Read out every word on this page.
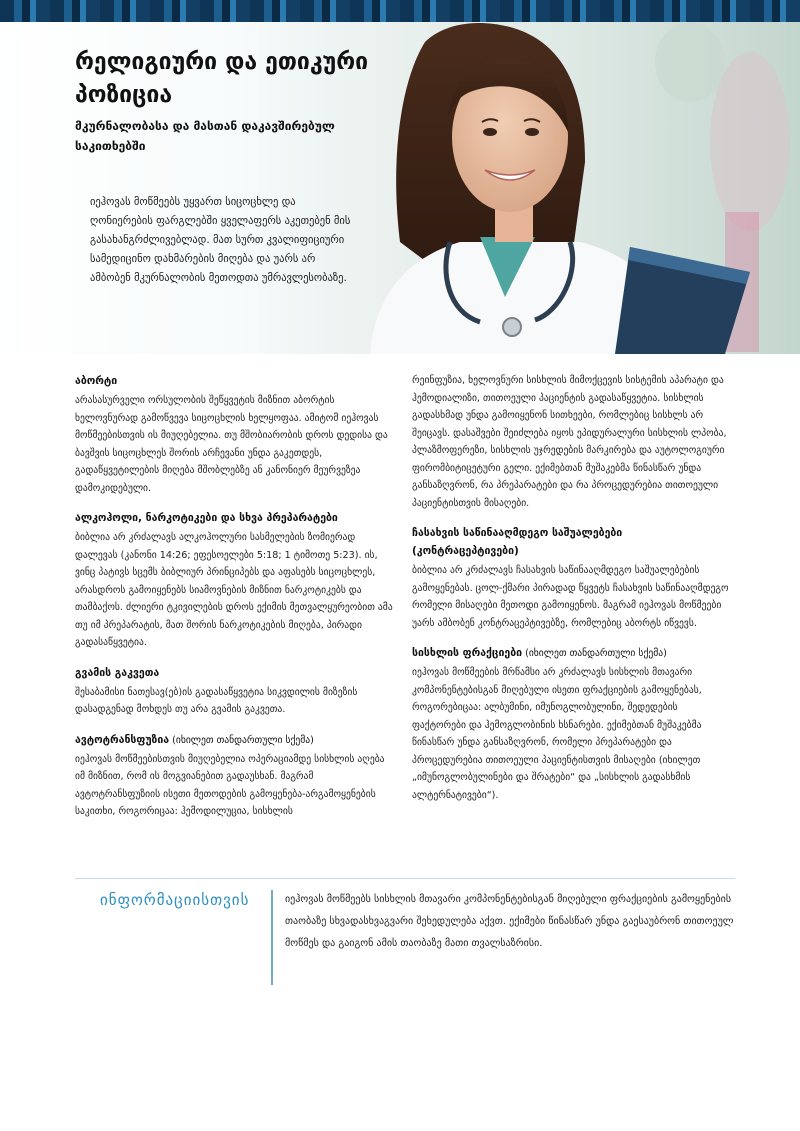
რელიგიური და ეთიკური პოზიცია
მკურნალობასა და მასთან დაკავშირებულ საკითხებში
იეჰოვას მოწმეებს უყვართ სიცოცხლე და ღონიერების ფარგლებში ყველაფერს აკეთებენ მის გასახანგრძლივებლად. მათ სურთ კვალიფიციური სამედიცინო დახმარების მიღება და უარს არ ამბობენ მკურნალობის მეთოდთა უმრავლესობაზე.
აბორტი

არასასურველი ორსულობის შეწყვეტის მიზნით აბორტის ხელოვნურად გამოწვევა სიცოცხლის ხელყოფაა. ამიტომ იეჰოვას მოწმეებისთვის ის მიუღებელია. თუ მშობიარობის დროს დედისა და ბავშვის სიცოცხლეს შორის არჩევანი უნდა გაკეთდეს, გადაწყვეტილების მიღება მშობლებზე ან კანონიერ მეურვეზეა დამოკიდებული.

ალკოჰოლი, ნარკოტიკები და სხვა პრეპარატები

ბიბლია არ კრძალავს ალკოჰოლური სასმელების ზომიერად დალევას (კანონი 14:26; ეფესოელები 5:18; 1 ტიმოთე 5:23). ის, ვინც პატივს სცემს ბიბლიურ პრინციპებს და აფასებს სიცოცხლეს, არასდროს გამოიყენებს სიამოვნების მიზნით ნარკოტიკებს და თამბაქოს. ძლიერი ტკივილების დროს ექიმის მეთვალყურეობით ამა თუ იმ პრეპარატის, მათ შორის ნარკოტიკების მიღება, პირადი გადასაწყვეტია.

გვამის გაკვეთა

შესაბამისი ნათესავ(ებ)ის გადასაწყვეტია სიკვდილის მიზეზის დასადგენად მოხდეს თუ არა გვამის გაკვეთა.

ავტოტრანსფუზია (იხილეთ თანდართული სქემა)

იეჰოვას მოწმეებისთვის მიუღებელია ოპერაციამდე სისხლის აღება იმ მიზნით, რომ ის მოგვიანებით გადაუსხან. მაგრამ ავტოტრანსფუზიის ისეთი მეთოდების გამოყენება-არგამოყენების საკითხი, როგორიცაა: ჰემოდილუცია, სისხლის

რეინფუზია, ხელოვნური სისხლის მიმოქცევის სისტემის აპარატი და ჰემოდიალიზი, თითოეული პაციენტის გადასაწყვეტია. სისხლის გადასხმად უნდა გამოიყენონ სითხეები, რომლებიც სისხლს არ შეიცავს. დასაშვები შეიძლება იყოს ეპიდურალური სისხლის ლპობა, პლაზმოფერეზი, სისხლის უჯრედების მარკირება და აუტოლოგიური ფირომბიტიცეტური გელი. ექიმებთან მუშაკებმა წინასწარ უნდა განსაზღვრონ, რა პრეპარატები და რა პროცედურებია თითოეული პაციენტისთვის მისაღები.

ჩასახვის საწინააღმდეგო საშუალებები (კონტრაცეპტივები)

ბიბლია არ კრძალავს ჩასახვის საწინააღმდეგო საშუალებების გამოყენებას. ცოლ-ქმარი პირადად წყვეტს ჩასახვის საწინააღმდეგო რომელი მისაღები მეთოდი გამოიყენოს. მაგრამ იეჰოვას მოწმეები უარს ამბობენ კონტრაცეპტივებზე, რომლებიც აბორტს იწვევს.

სისხლის ფრაქციები (იხილეთ თანდართული სქემა)

იეჰოვას მოწმეების მრწამსი არ კრძალავს სისხლის მთავარი კომპონენტებისგან მიღებული ისეთი ფრაქციების გამოყენებას, როგორებიცაა: ალბუმინი, იმუნოგლობულინი, შედედების ფაქტორები და ჰემოგლობინის ხსნარები. ექიმებთან მუშაკებმა წინასწარ უნდა განსაზღვრონ, რომელი პრეპარატები და პროცედურებია თითოეული პაციენტისთვის მისაღები (იხილეთ „იმუნოგლობულინები და შრატები“ და „სისხლის გადასხმის ალტერნატივები“).

ინფორმაციისთვის	იეჰოვას მოწმეებს სისხლის მთავარი კომპონენტებისგან მიღებული ფრაქციების გამოყენების თაობაზე სხვადასხვაგვარი შეხედულება აქვთ. ექიმები წინასწარ უნდა გაესაუბრონ თითოეულ მოწმეს და გაიგონ ამის თაობაზე მათი თვალსაზრისი.
